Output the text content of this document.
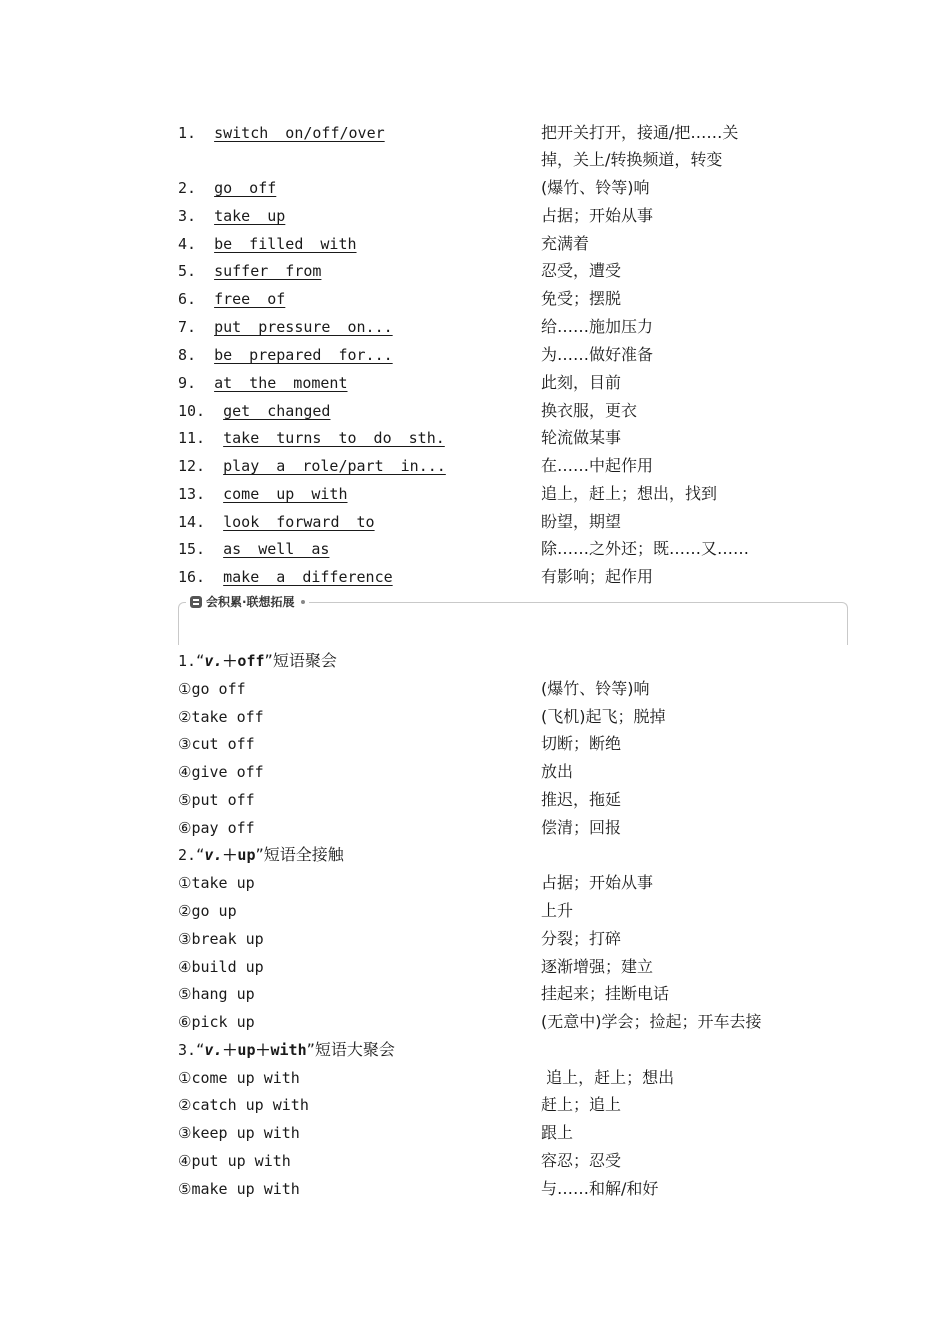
1. switch on/off/over	把开关打开，接通/把……关
掉，关上/转换频道，转变
2. go off	(爆竹、铃等)响
3. take up	占据；开始从事
4. be filled with	充满着
5. suffer from	忍受，遭受
6. free of	免受；摆脱
7. put pressure on...	给……施加压力
8. be prepared for...	为……做好准备
9. at the moment	此刻，目前
10. get changed	换衣服，更衣
11. take turns to do sth.	轮流做某事
12. play a role/part in...	在……中起作用
13. come up with	追上，赶上；想出，找到
14. look forward to	盼望，期望
15. as well as	除……之外还；既……又……
16. make a difference	有影响；起作用
会积累·联想拓展
1.“v.＋off”短语聚会
①go off	(爆竹、铃等)响
②take off	(飞机)起飞；脱掉
③cut off	切断；断绝
④give off	放出
⑤put off	推迟，拖延
⑥pay off	偿清；回报
2.“v.＋up”短语全接触
①take up	占据；开始从事
②go up	上升
③break up	分裂；打碎
④build up	逐渐增强；建立
⑤hang up	挂起来；挂断电话
⑥pick up	(无意中)学会；捡起；开车去接
3.“v.＋up＋with”短语大聚会
①come up with	追上，赶上；想出
②catch up with	赶上；追上
③keep up with	跟上
④put up with	容忍；忍受
⑤make up with	与……和解/和好
